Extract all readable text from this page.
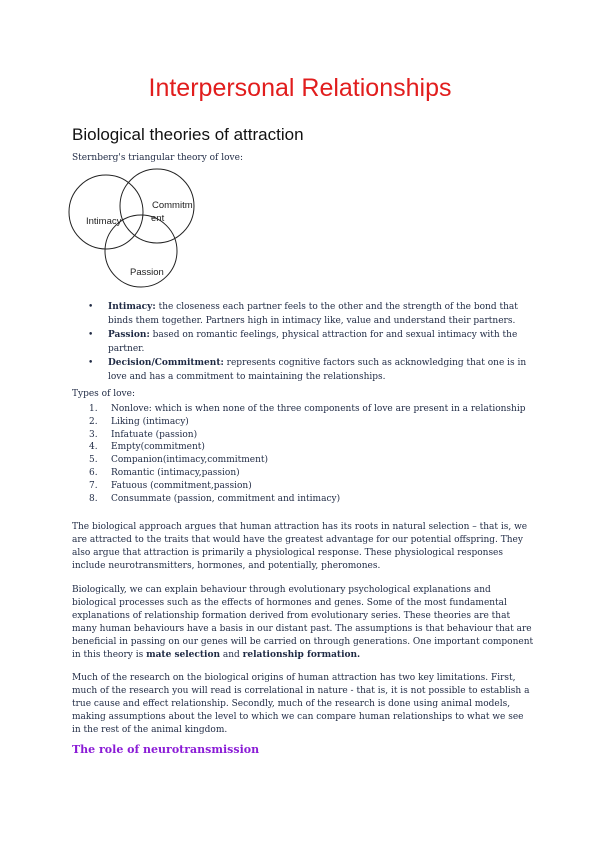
Interpersonal Relationships
Biological theories of attraction
Sternberg's triangular theory of love:
Intimacy
Commitm
ent
Passion
• Intimacy: the closeness each partner feels to the other and the strength of the bond that binds them together. Partners high in intimacy like, value and understand their partners.
• Passion: based on romantic feelings, physical attraction for and sexual intimacy with the partner.
• Decision/Commitment: represents cognitive factors such as acknowledging that one is in love and has a commitment to maintaining the relationships.
Types of love:
1. Nonlove: which is when none of the three components of love are present in a relationship
2. Liking (intimacy)
3. Infatuate (passion)
4. Empty(commitment)
5. Companion(intimacy,commitment)
6. Romantic (intimacy,passion)
7. Fatuous (commitment,passion)
8. Consummate (passion, commitment and intimacy)

The biological approach argues that human attraction has its roots in natural selection – that is, we are attracted to the traits that would have the greatest advantage for our potential offspring. They also argue that attraction is primarily a physiological response. These physiological responses include neurotransmitters, hormones, and potentially, pheromones.

Biologically, we can explain behaviour through evolutionary psychological explanations and biological processes such as the effects of hormones and genes. Some of the most fundamental explanations of relationship formation derived from evolutionary series. These theories are that many human behaviours have a basis in our distant past. The assumptions is that behaviour that are beneficial in passing on our genes will be carried on through generations. One important component in this theory is mate selection and relationship formation.

Much of the research on the biological origins of human attraction has two key limitations. First, much of the research you will read is correlational in nature - that is, it is not possible to establish a true cause and effect relationship. Secondly, much of the research is done using animal models, making assumptions about the level to which we can compare human relationships to what we see in the rest of the animal kingdom.

The role of neurotransmission
